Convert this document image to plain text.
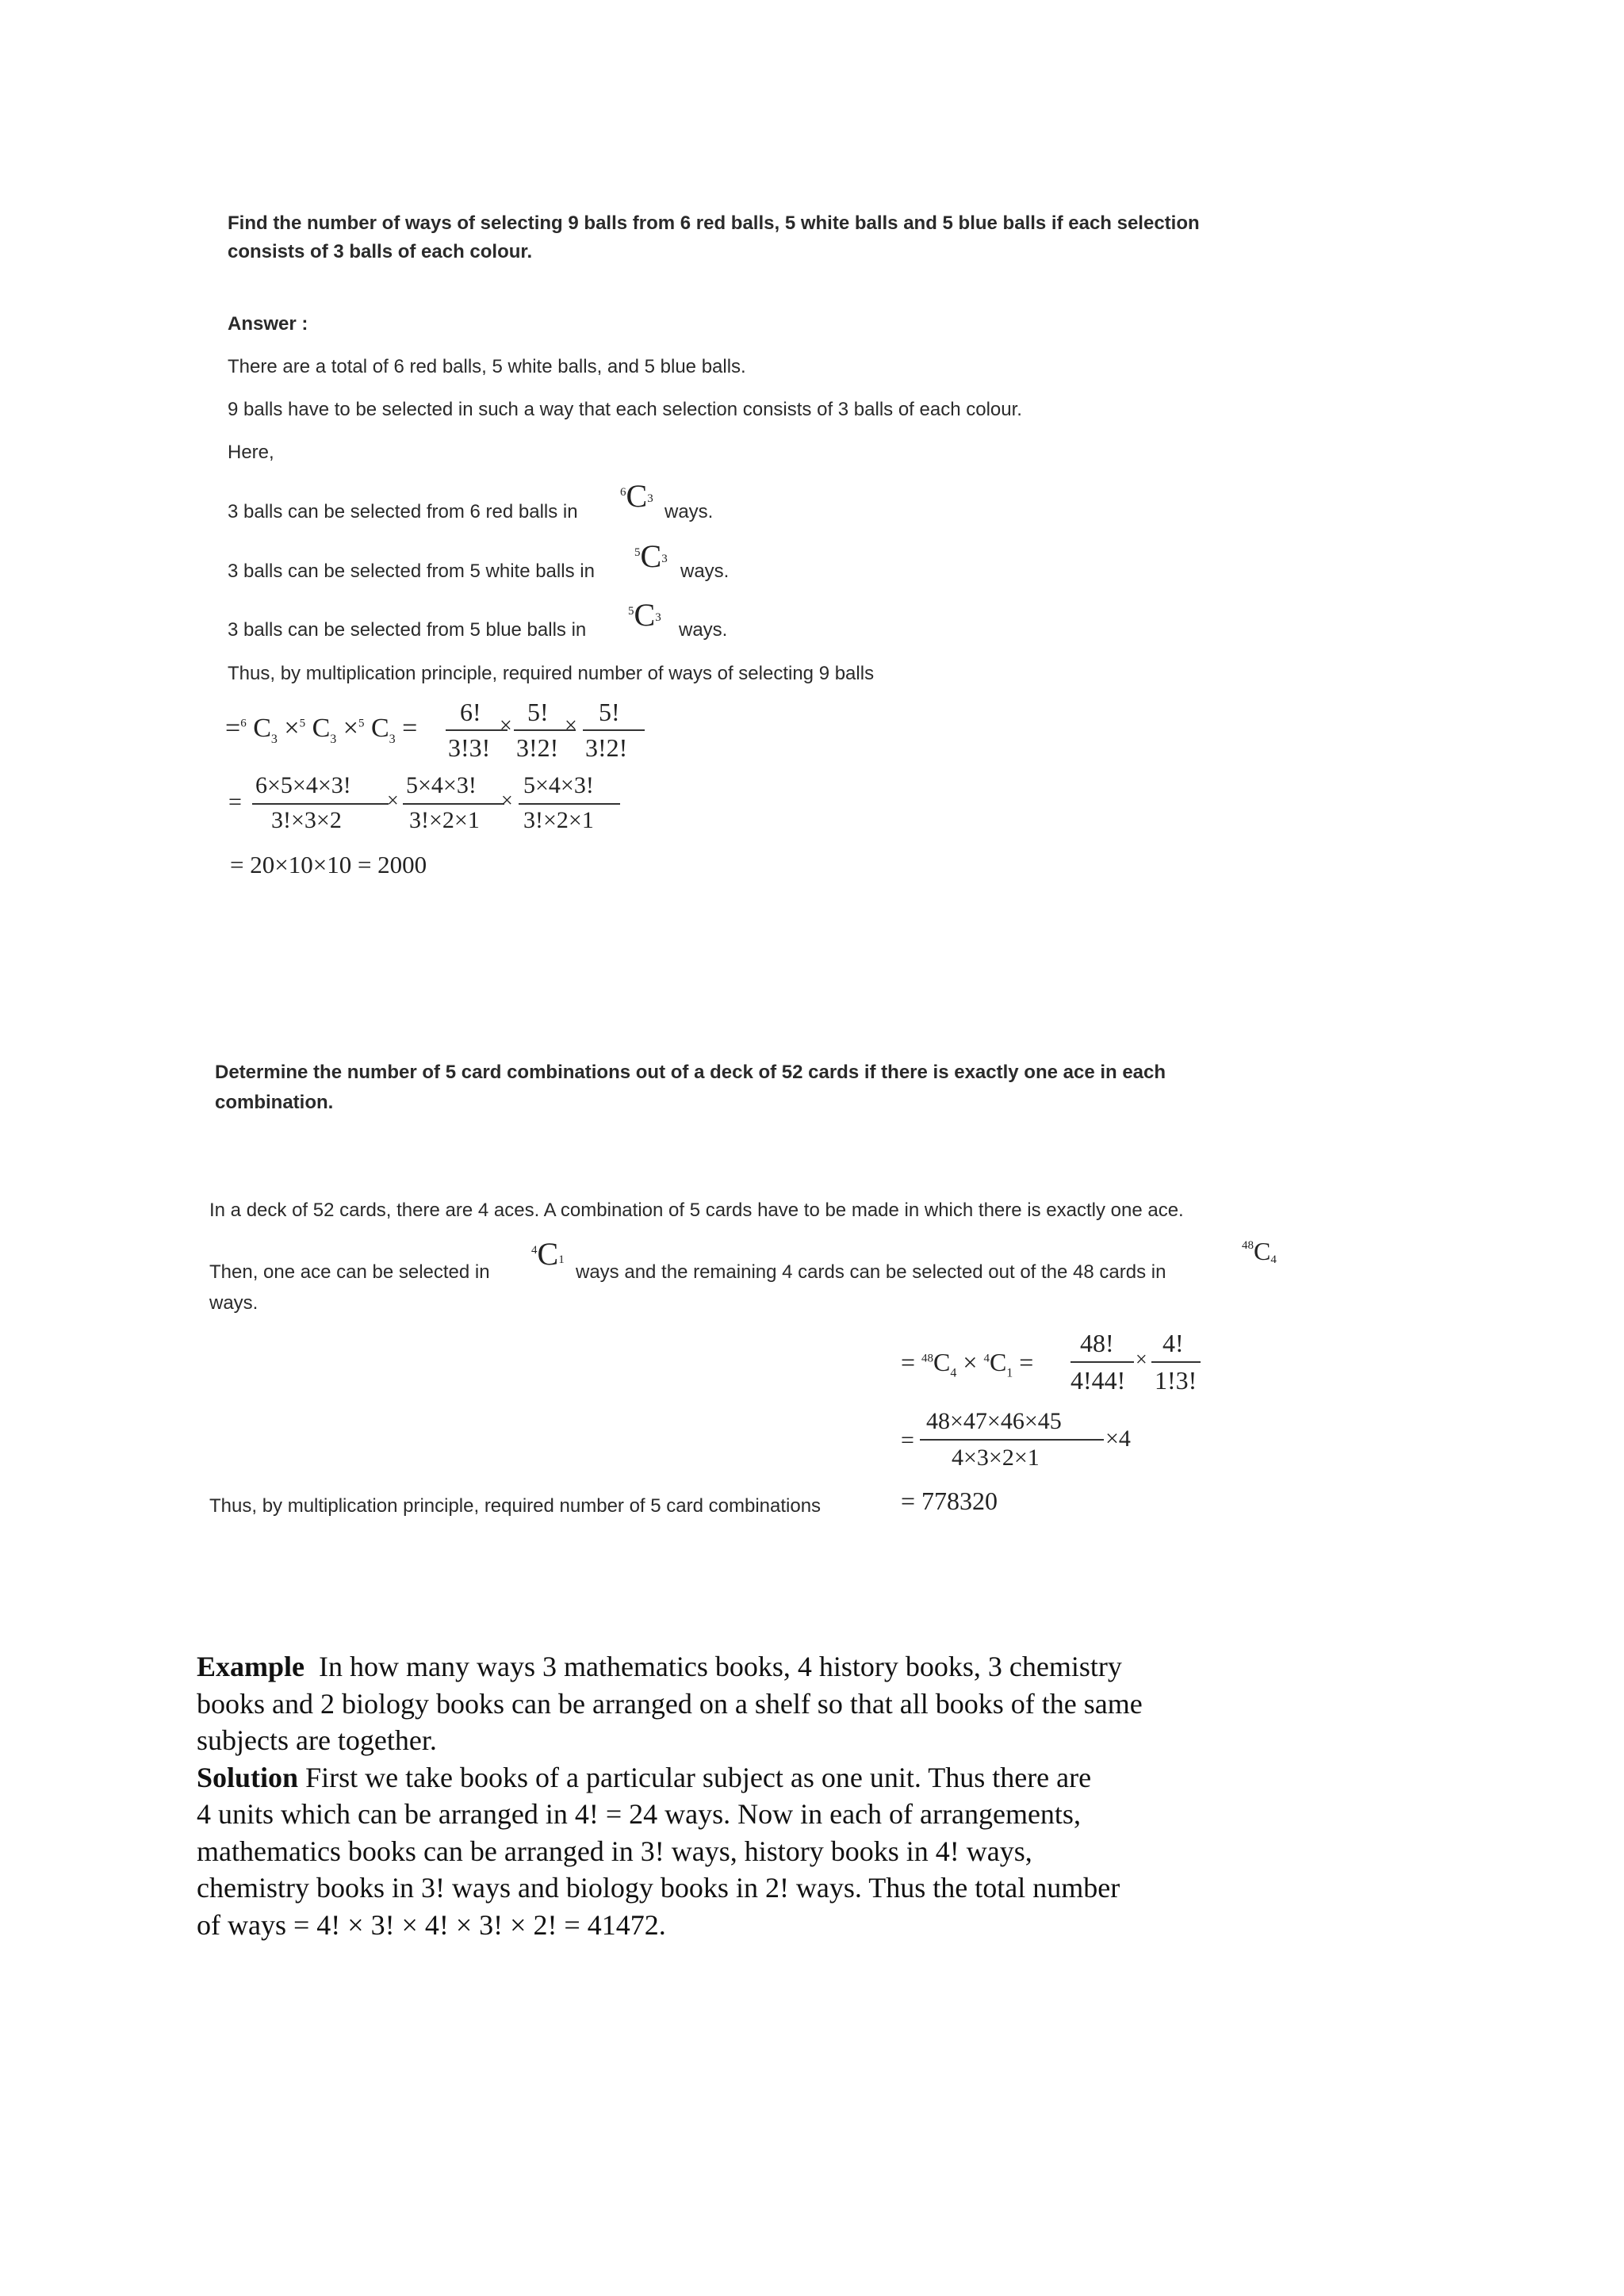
Find the number of ways of selecting 9 balls from 6 red balls, 5 white balls and 5 blue balls if each selection
consists of 3 balls of each colour.
Answer :
There are a total of 6 red balls, 5 white balls, and 5 blue balls.
9 balls have to be selected in such a way that each selection consists of 3 balls of each colour.
Here,
3 balls can be selected from 6 red balls in
6C3
ways.
3 balls can be selected from 5 white balls in
5C3
ways.
3 balls can be selected from 5 blue balls in
5C3
ways.
Thus, by multiplication principle, required number of ways of selecting 9 balls
=$^6$ $C_3 \times^5$ $C_3 \times^5$ $C_3$ =
6!
3!3!
× 5!
3!2!
× 5!
3!2!
=
6×5×4×3!
3!×3×2
×
5×4×3!
3!×2×1
×
5×4×3!
3!×2×1
= 20×10×10 = 2000
Determine the number of 5 card combinations out of a deck of 52 cards if there is exactly one ace in each
combination.
In a deck of 52 cards, there are 4 aces. A combination of 5 cards have to be made in which there is exactly one ace.
Then, one ace can be selected in
4C1
ways and the remaining 4 cards can be selected out of the 48 cards in
48C4
ways.
= $^{48}C_4 \times ^4C_1$ =
48!
4!44!
×
4!
1!3!
=
48×47×46×45
4×3×2×1
×4
Thus, by multiplication principle, required number of 5 card combinations	= 778320

Example In how many ways 3 mathematics books, 4 history books, 3 chemistry

books and 2 biology books can be arranged on a shelf so that all books of the same

subjects are together.

Solution First we take books of a particular subject as one unit. Thus there are

4 units which can be arranged in 4! = 24 ways. Now in each of arrangements,

mathematics books can be arranged in 3! ways, history books in 4! ways,

chemistry books in 3! ways and biology books in 2! ways. Thus the total number

of ways = 4! × 3! × 4! × 3! × 2! = 41472.
